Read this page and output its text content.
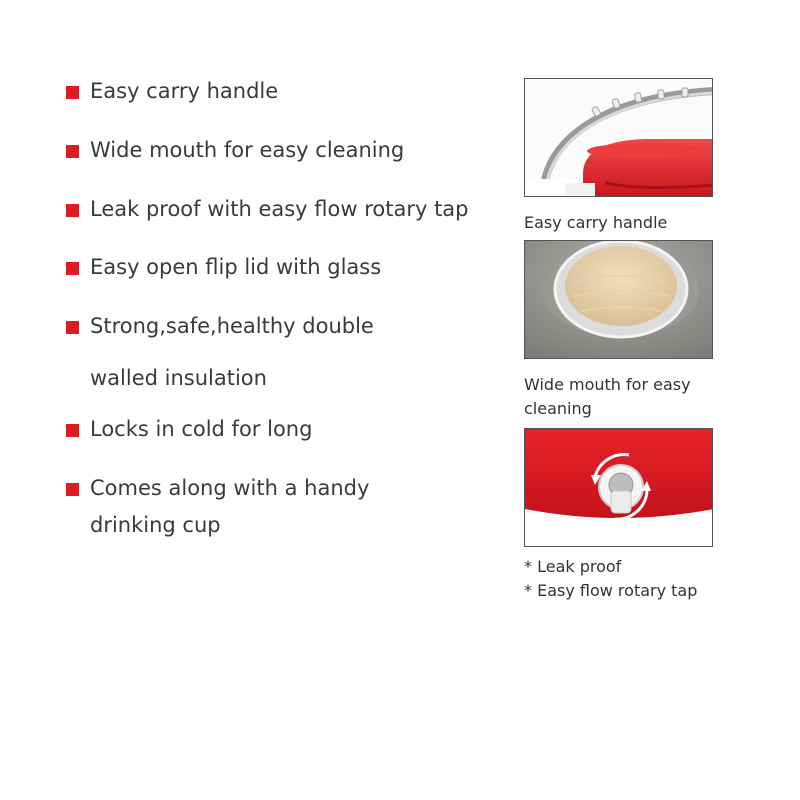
Easy carry handle
Wide mouth for easy cleaning
Leak proof with easy flow rotary tap
Easy open flip lid with glass
Strong,safe,healthy double
walled insulation
Locks in cold for long
Comes along with a handy
drinking cup
Easy carry handle
Wide mouth for easy
cleaning
* Leak proof
* Easy flow rotary tap
